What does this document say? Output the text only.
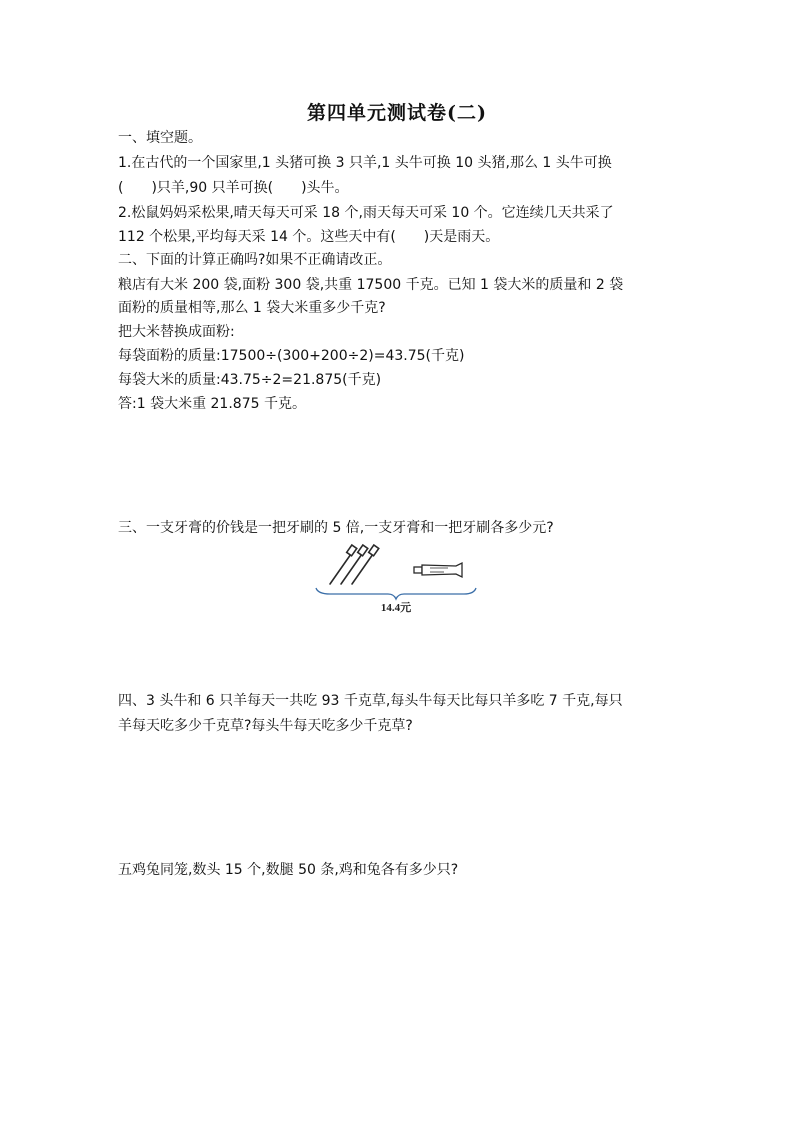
第四单元测试卷(二)
一、填空题。
1.在古代的一个国家里,1 头猪可换 3 只羊,1 头牛可换 10 头猪,那么 1 头牛可换
(　　)只羊,90 只羊可换(　　)头牛。
2.松鼠妈妈采松果,晴天每天可采 18 个,雨天每天可采 10 个。它连续几天共采了
112 个松果,平均每天采 14 个。这些天中有(　　)天是雨天。
二、下面的计算正确吗?如果不正确请改正。
粮店有大米 200 袋,面粉 300 袋,共重 17500 千克。已知 1 袋大米的质量和 2 袋
面粉的质量相等,那么 1 袋大米重多少千克?
把大米替换成面粉:
每袋面粉的质量:17500÷(300+200÷2)=43.75(千克)
每袋大米的质量:43.75÷2=21.875(千克)
答:1 袋大米重 21.875 千克。
三、一支牙膏的价钱是一把牙刷的 5 倍,一支牙膏和一把牙刷各多少元?
14.4元
四、3 头牛和 6 只羊每天一共吃 93 千克草,每头牛每天比每只羊多吃 7 千克,每只
羊每天吃多少千克草?每头牛每天吃多少千克草?
五鸡兔同笼,数头 15 个,数腿 50 条,鸡和兔各有多少只?
